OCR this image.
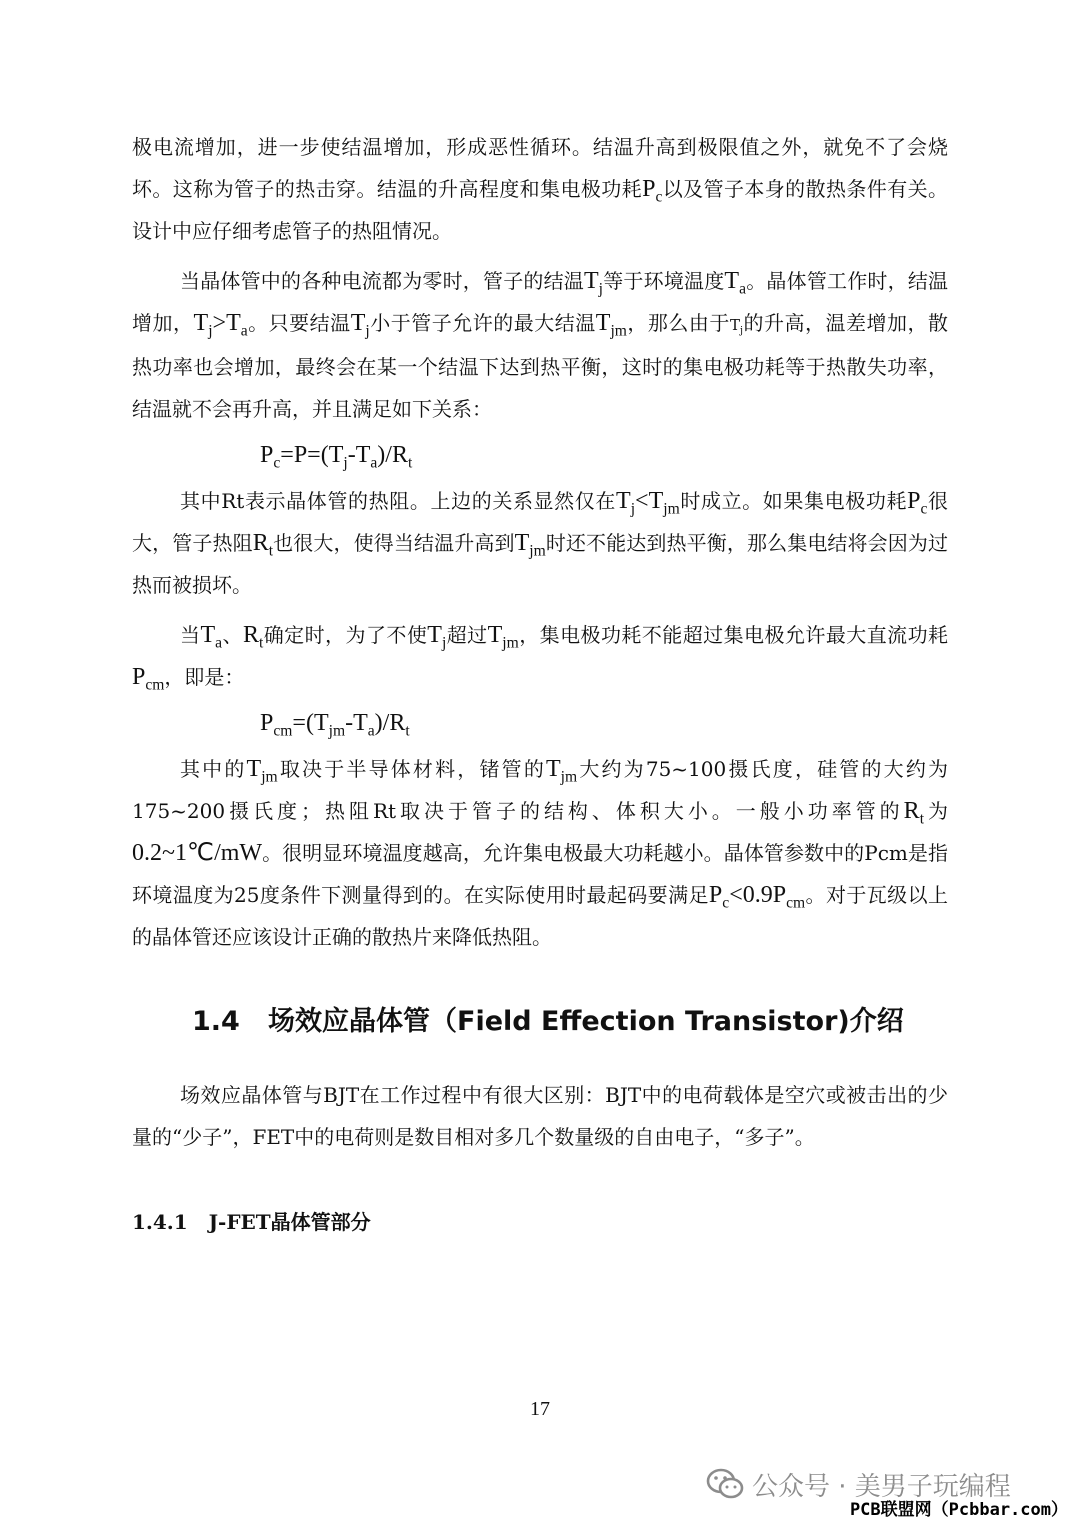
极电流增加，进一步使结温增加，形成恶性循环。结温升高到极限值之外，就免不了会烧坏。这称为管子的热击穿。结温的升高程度和集电极功耗$P_c$以及管子本身的散热条件有关。设计中应仔细考虑管子的热阻情况。

当晶体管中的各种电流都为零时，管子的结温$T_j$等于环境温度$T_a$。晶体管工作时，结温增加，$T_j>T_a$。只要结温$T_j$小于管子允许的最大结温$T_{jm}$，那么由于$T_j$的升高，温差增加，散热功率也会增加，最终会在某一个结温下达到热平衡，这时的集电极功耗等于热散失功率，结温就不会再升高，并且满足如下关系：

$P_c=P=(T_j-T_a)/R_t$

其中Rt表示晶体管的热阻。上边的关系显然仅在$T_j<T_{jm}$时成立。如果集电极功耗$P_c$很大，管子热阻$R_t$也很大，使得当结温升高到$T_{jm}$时还不能达到热平衡，那么集电结将会因为过热而被损坏。

当$T_a$、$R_t$确定时，为了不使$T_j$超过$T_{jm}$，集电极功耗不能超过集电极允许最大直流功耗$P_{cm}$，即是：

$P_{cm}=(T_{jm}-T_a)/R_t$

其中的$T_{jm}$取决于半导体材料，锗管的$T_{jm}$大约为75~100摄氏度，硅管的大约为175~200摄氏度；热阻Rt取决于管子的结构、体积大小。一般小功率管的$R_t$为0.2~1℃/mW。很明显环境温度越高，允许集电极最大功耗越小。晶体管参数中的Pcm是指环境温度为25度条件下测量得到的。在实际使用时最起码要满足$P_c<0.9P_{cm}$。对于瓦级以上的晶体管还应该设计正确的散热片来降低热阻。

1.4 场效应晶体管（Field Effection Transistor)介绍

场效应晶体管与BJT在工作过程中有很大区别：BJT中的电荷载体是空穴或被击出的少量的“少子”，FET中的电荷则是数目相对多几个数量级的自由电子，“多子”。

1.4.1 J-FET晶体管部分
17
公众号 · 美男子玩编程
PCB联盟网（Pcbbar.com）
